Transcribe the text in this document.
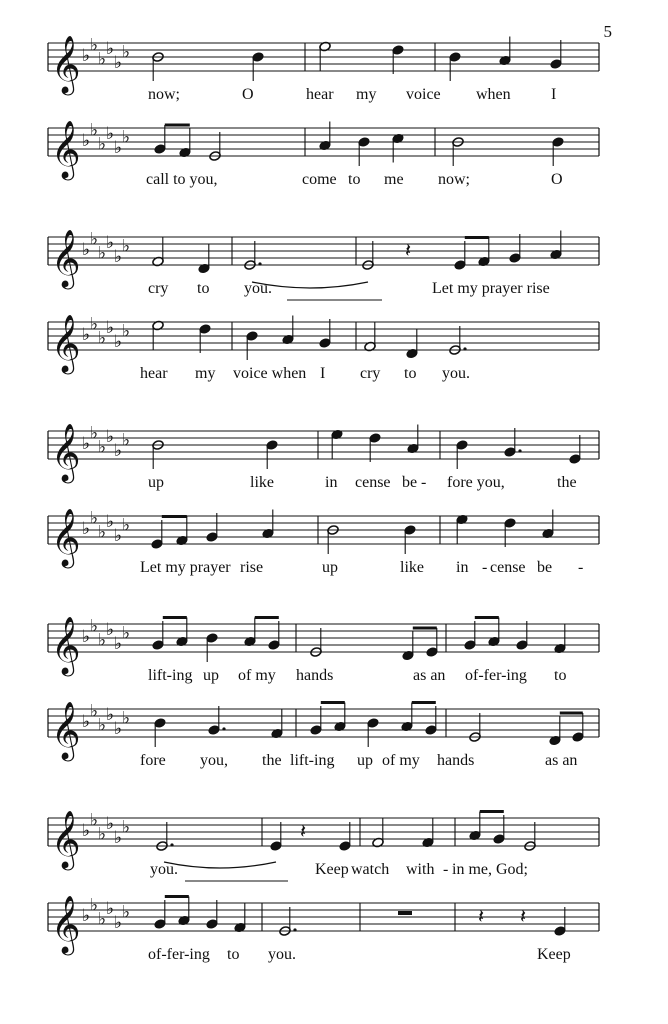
𝄞 ♭
♭
♭
♭
♭
♭
𝄞 ♭
♭
♭
♭
♭
♭
𝄞 ♭
♭
♭
♭
♭
♭
𝄞 ♭
♭
♭
♭
♭
♭
𝄞 ♭
♭
♭
♭
♭
♭
𝄞 ♭
♭
♭
♭
♭
♭
𝄞 ♭
♭
♭
♭
♭
♭
𝄞 ♭
♭
♭
♭
♭
♭
𝄞 ♭
♭
♭
♭
♭
♭
𝄞 ♭
♭
♭
♭
♭
♭
𝄽
𝄽
𝄽 𝄽
5
now;	O	hear my voice when	I
call to you,	come to me now;	O
cry to you.	Let my prayer rise
hear my voice when I cry to you.
up	like	in cense be - fore you,	the
Let my prayer rise	up	like in - cense be -
lift-ing up of my hands	as an of-fer-ing to
fore you, the lift-ing up of my hands	as an
you.	Keep watch with - in me, God;
of-fer-ing to you.	Keep
